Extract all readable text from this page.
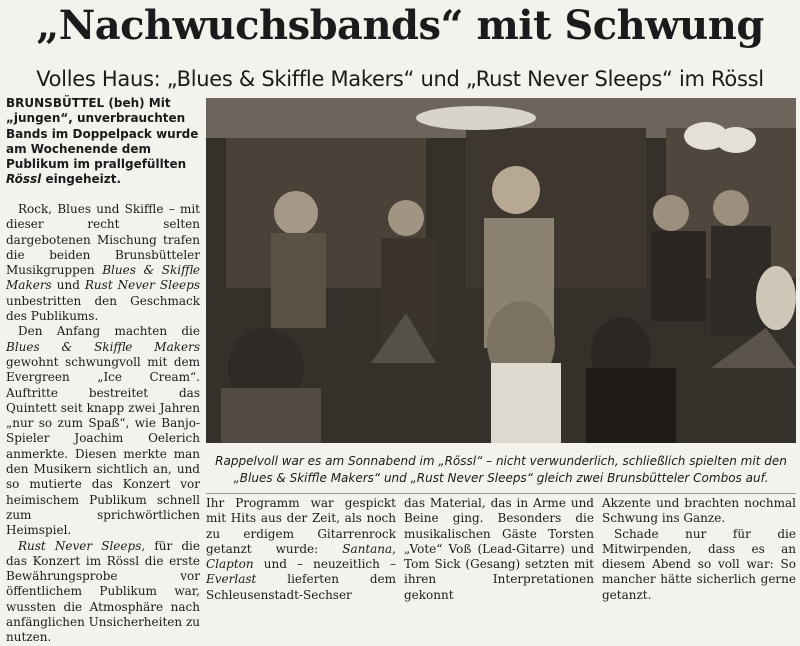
„Nachwuchsbands“ mit Schwung
Volles Haus: „Blues & Skiffle Makers“ und „Rust Never Sleeps“ im Rössl
BRUNSBÜTTEL (beh) Mit „jungen“, unverbrauchten Bands im Doppelpack wurde am Wochenende dem Publikum im prallgefüllten Rössl eingeheizt.

Rock, Blues und Skiffle – mit dieser recht selten dargebotenen Mischung trafen die beiden Brunsbütteler Musikgruppen Blues & Skiffle Makers und Rust Never Sleeps unbestritten den Geschmack des Publikums.

Den Anfang machten die Blues & Skiffle Makers gewohnt schwungvoll mit dem Evergreen „Ice Cream“. Auftritte bestreitet das Quintett seit knapp zwei Jahren „nur so zum Spaß“, wie Banjo-Spieler Joachim Oelerich anmerkte. Diesen merkte man den Musikern sichtlich an, und so mutierte das Konzert vor heimischem Publikum schnell zum sprichwörtlichen Heimspiel.

Rust Never Sleeps, für die das Konzert im Rössl die erste Bewährungsprobe vor öffentlichem Publikum war, wussten die Atmosphäre nach anfänglichen Unsicherheiten zu nutzen.

Rappelvoll war es am Sonnabend im „Rössl“ – nicht verwunderlich, schließlich spielten mit den „Blues & Skiffle Makers“ und „Rust Never Sleeps“ gleich zwei Brunsbütteler Combos auf.

Ihr Programm war gespickt mit Hits aus der Zeit, als noch zu erdigem Gitarrenrock getanzt wurde: Santana, Clapton und – neuzeitlich – Everlast lieferten dem Schleusenstadt-Sechser

das Material, das in Arme und Beine ging. Besonders die musikalischen Gäste Torsten „Vote“ Voß (Lead-Gitarre) und Tom Sick (Gesang) setzten mit ihren Interpretationen gekonnt

Akzente und brachten nochmal Schwung ins Ganze.

Schade nur für die Mitwirpenden, dass es an diesem Abend so voll war: So mancher hätte sicherlich gerne getanzt.
